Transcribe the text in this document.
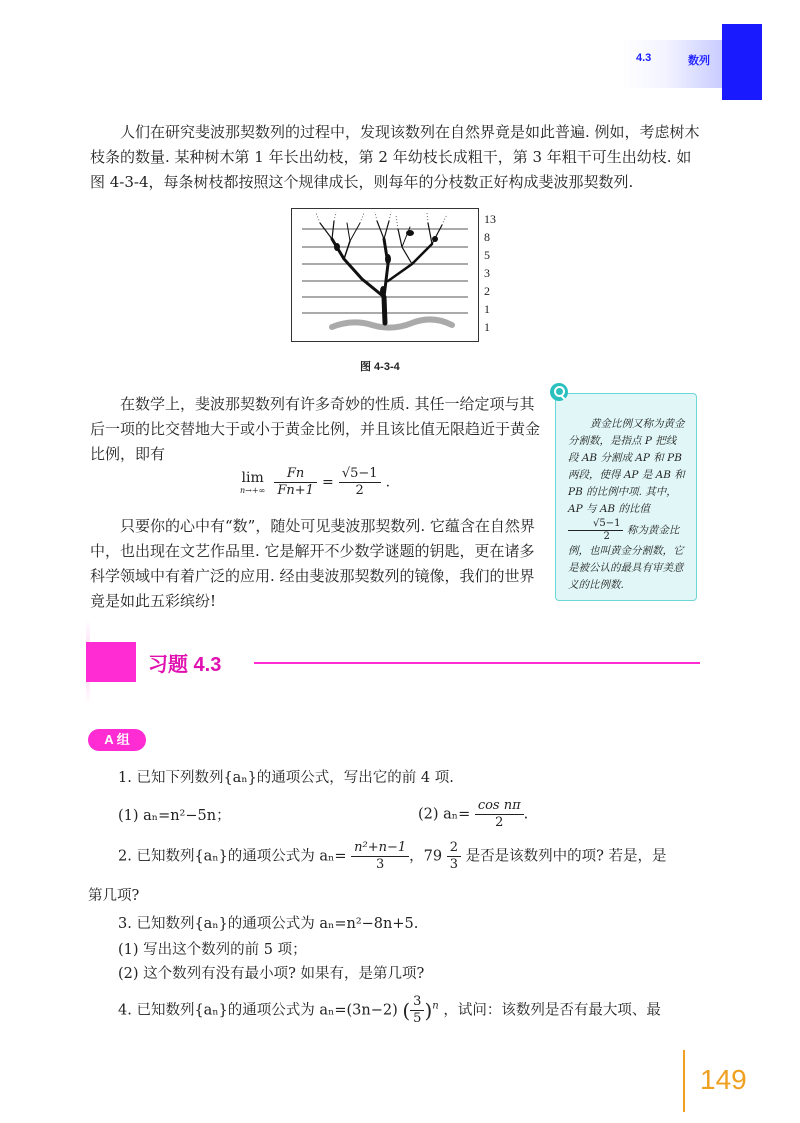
4.3	数列

人们在研究斐波那契数列的过程中，发现该数列在自然界竟是如此普遍. 例如，考虑树木枝条的数量. 某种树木第 1 年长出幼枝，第 2 年幼枝长成粗干，第 3 年粗干可生出幼枝. 如图 4-3-4，每条树枝都按照这个规律成长，则每年的分枝数正好构成斐波那契数列.

13
8
5
3
2
1
1
图 4-3-4

在数学上，斐波那契数列有许多奇妙的性质. 其任一给定项与其后一项的比交替地大于或小于黄金比例，并且该比值无限趋近于黄金比例，即有

lim
n→+∞
$\frac{Fn}{Fn+1} = \frac{√5-1}{2}$ .

只要你的心中有“数”，随处可见斐波那契数列. 它蕴含在自然界中，也出现在文艺作品里. 它是解开不少数学谜题的钥匙，更在诸多科学领域中有着广泛的应用. 经由斐波那契数列的镜像，我们的世界竟是如此五彩缤纷!

黄金比例又称为黄金分割数，是指点 P 把线段 AB 分割成 AP 和 PB 两段，使得 AP 是 AB 和 PB 的比例中项. 其中，AP 与 AB 的比值
$\frac{√5-1}{2}$ 称为黄金比例，也叫黄金分割数，它是被公认的最具有审美意义的比例数.
习题 4.3
A 组
1. 已知下列数列{aₙ}的通项公式，写出它的前 4 项.
(1) aₙ=n²−5n；	(2) $a_n= \frac{\text{cos nπ}}{2}$ .
2. 已知数列{aₙ}的通项公式为 $a_n= \frac{\text{n²+n−1}}{3}$ ，$79 \frac{2}{3}$ 是否是该数列中的项? 若是，是
第几项?
3. 已知数列{aₙ}的通项公式为 aₙ=n²−8n+5.
(1) 写出这个数列的前 5 项；
(2) 这个数列有没有最小项? 如果有，是第几项?
4. 已知数列{aₙ}的通项公式为 aₙ=(3n−2) ( $\frac{3}{5} )^n$ ，试问：该数列是否有最大项、最
149
